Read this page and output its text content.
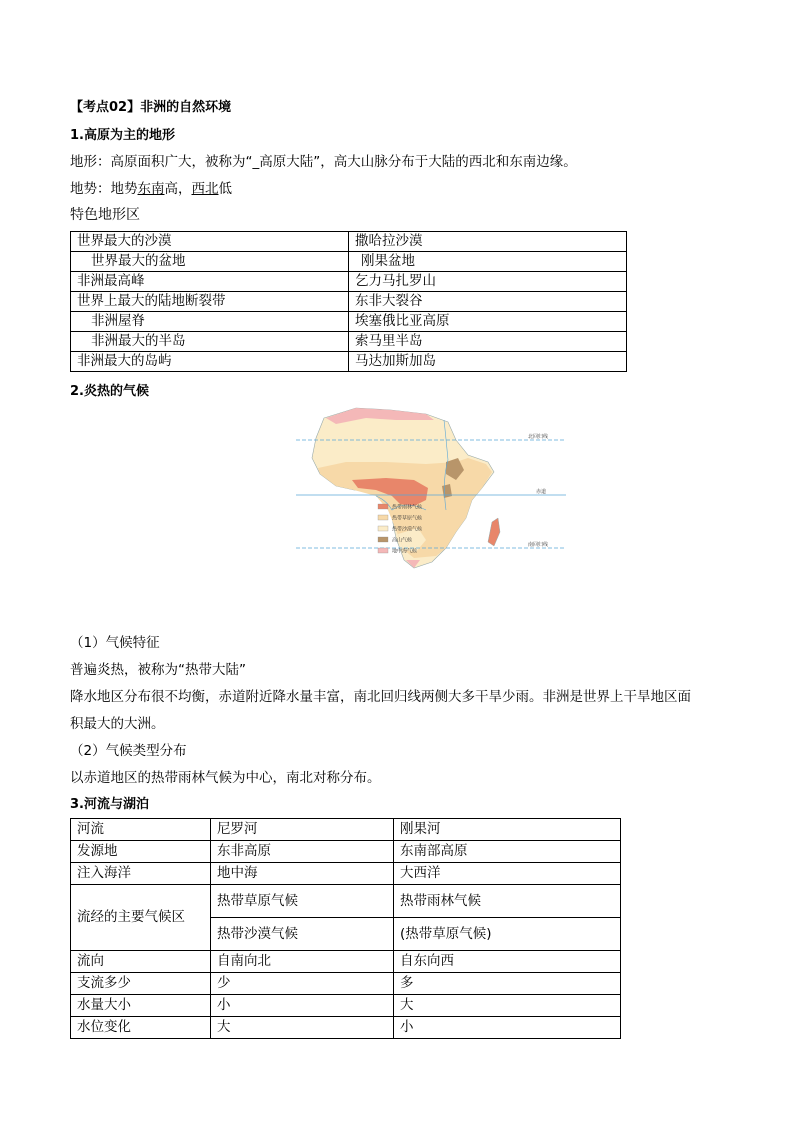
【考点02】非洲的自然环境
1.高原为主的地形
地形：高原面积广大，被称为“_高原大陆”，高大山脉分布于大陆的西北和东南边缘。
地势：地势东南高，西北低
特色地形区
世界最大的沙漠	撒哈拉沙漠
世界最大的盆地	刚果盆地
非洲最高峰	乞力马扎罗山
世界上最大的陆地断裂带	东非大裂谷
非洲屋脊	埃塞俄比亚高原
非洲最大的半岛	索马里半岛
非洲最大的岛屿	马达加斯加岛
2.炎热的气候
北回归线
赤道
南回归线
热带雨林气候
热带草原气候
热带沙漠气候
高山气候
地中海气候
（1）气候特征
普遍炎热，被称为“热带大陆”
降水地区分布很不均衡，赤道附近降水量丰富，南北回归线两侧大多干旱少雨。非洲是世界上干旱地区面
积最大的大洲。
（2）气候类型分布
以赤道地区的热带雨林气候为中心，南北对称分布。
3.河流与湖泊
河流	尼罗河	刚果河
发源地	东非高原	东南部高原
注入海洋	地中海	大西洋
流经的主要气候区	热带草原气候	热带雨林气候
	热带沙漠气候	(热带草原气候)
流向	自南向北	自东向西
支流多少	少	多
水量大小	小	大
水位变化	大	小
